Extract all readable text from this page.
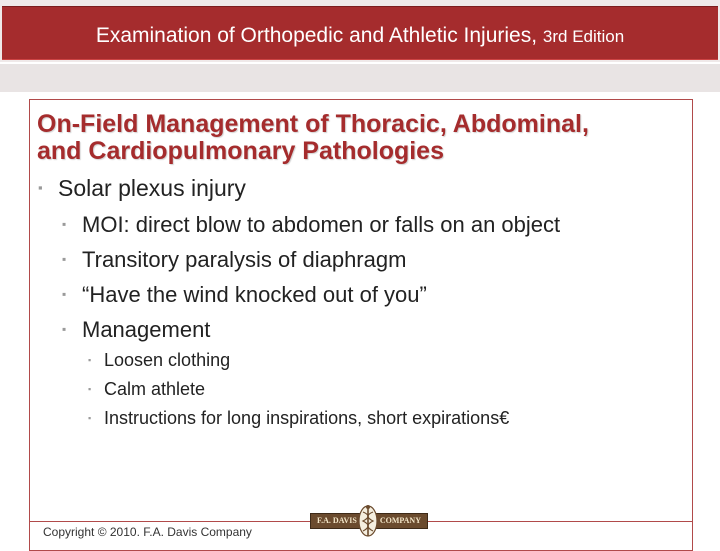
Examination of Orthopedic and Athletic Injuries, 3rd Edition
On-Field Management of Thoracic, Abdominal,
and Cardiopulmonary Pathologies
▪ Solar plexus injury
▪ MOI: direct blow to abdomen or falls on an object
▪ Transitory paralysis of diaphragm
▪ “Have the wind knocked out of you”
▪ Management
▪ Loosen clothing
▪ Calm athlete
▪ Instructions for long inspirations, short expirations€
Copyright © 2010. F.A. Davis Company
F.A. DAVIS	COMPANY
